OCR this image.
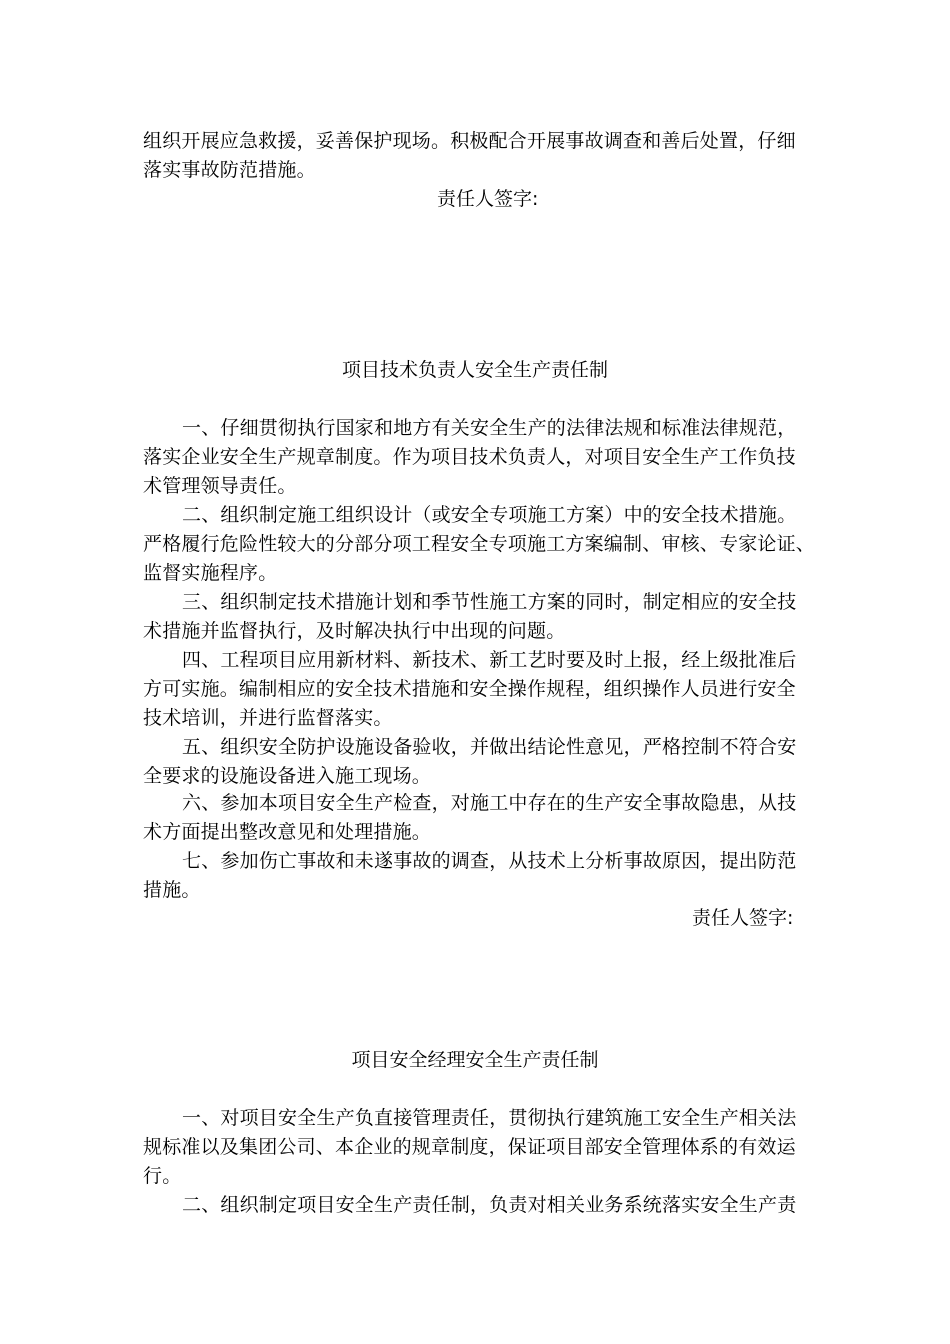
组织开展应急救援，妥善保护现场。积极配合开展事故调查和善后处置，仔细
落实事故防范措施。
责任人签字:
项目技术负责人安全生产责任制
一、仔细贯彻执行国家和地方有关安全生产的法律法规和标准法律规范，
落实企业安全生产规章制度。作为项目技术负责人，对项目安全生产工作负技
术管理领导责任。
二、组织制定施工组织设计（或安全专项施工方案）中的安全技术措施。
严格履行危险性较大的分部分项工程安全专项施工方案编制、审核、专家论证、
监督实施程序。
三、组织制定技术措施计划和季节性施工方案的同时，制定相应的安全技
术措施并监督执行，及时解决执行中出现的问题。
四、工程项目应用新材料、新技术、新工艺时要及时上报，经上级批准后
方可实施。编制相应的安全技术措施和安全操作规程，组织操作人员进行安全
技术培训，并进行监督落实。
五、组织安全防护设施设备验收，并做出结论性意见，严格控制不符合安
全要求的设施设备进入施工现场。
六、参加本项目安全生产检查，对施工中存在的生产安全事故隐患，从技
术方面提出整改意见和处理措施。
七、参加伤亡事故和未遂事故的调查，从技术上分析事故原因，提出防范
措施。
责任人签字:
项目安全经理安全生产责任制
一、对项目安全生产负直接管理责任，贯彻执行建筑施工安全生产相关法
规标准以及集团公司、本企业的规章制度，保证项目部安全管理体系的有效运
行。
二、组织制定项目安全生产责任制，负责对相关业务系统落实安全生产责
